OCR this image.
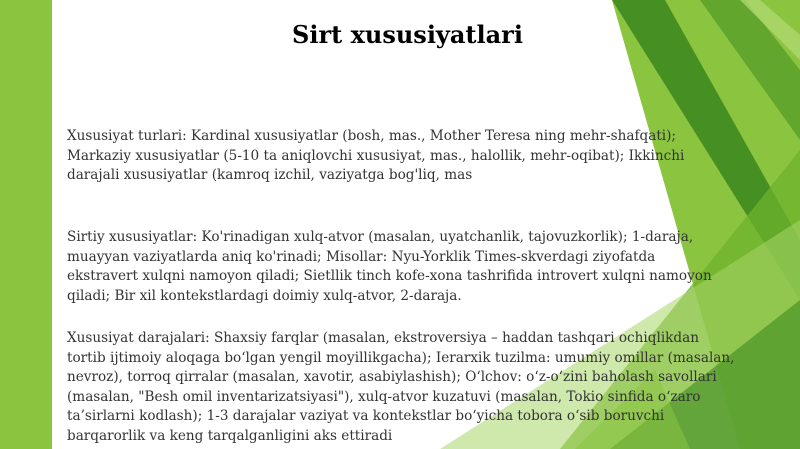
Sirt xususiyatlari

Xususiyat turlari: Kardinal xususiyatlar (bosh, mas., Mother Teresa ning mehr-shafqati);
Markaziy xususiyatlar (5-10 ta aniqlovchi xususiyat, mas., halollik, mehr-oqibat); Ikkinchi
darajali xususiyatlar (kamroq izchil, vaziyatga bog'liq, mas

Sirtiy xususiyatlar: Ko'rinadigan xulq-atvor (masalan, uyatchanlik, tajovuzkorlik); 1-daraja,
muayyan vaziyatlarda aniq ko'rinadi; Misollar: Nyu-Yorklik Times-skverdagi ziyofatda
ekstravert xulqni namoyon qiladi; Sietllik tinch kofe-xona tashrifida introvert xulqni namoyon
qiladi; Bir xil kontekstlardagi doimiy xulq-atvor, 2-daraja.

Xususiyat darajalari: Shaxsiy farqlar (masalan, ekstroversiya – haddan tashqari ochiqlikdan
tortib ijtimoiy aloqaga bo‘lgan yengil moyillikgacha); Ierarxik tuzilma: umumiy omillar (masalan,
nevroz), torroq qirralar (masalan, xavotir, asabiylashish); O‘lchov: o‘z-o‘zini baholash savollari
(masalan, "Besh omil inventarizatsiyasi"), xulq-atvor kuzatuvi (masalan, Tokio sinfida o‘zaro
ta’sirlarni kodlash); 1-3 darajalar vaziyat va kontekstlar bo‘yicha tobora o‘sib boruvchi
barqarorlik va keng tarqalganligini aks ettiradi
